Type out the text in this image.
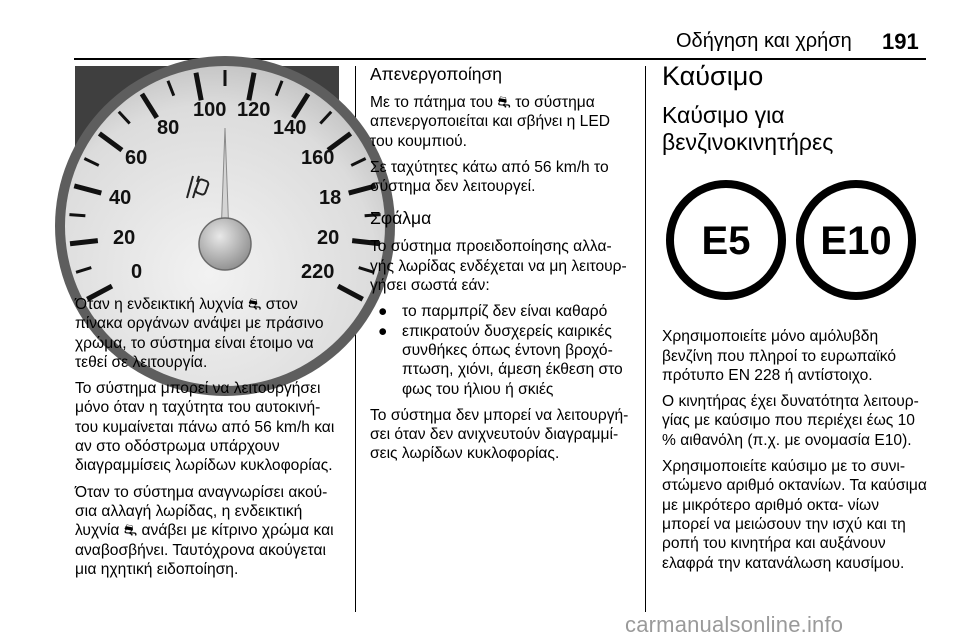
Οδήγηση και χρήση 191
0
20
40
60
80
100 120
140
160
18
20
220

Όταν η ενδεικτική λυχνία ⛐ στον πίνακα οργάνων ανάψει με πράσινο χρώμα, το σύστημα είναι έτοιμο να τεθεί σε λειτουργία.

Το σύστημα μπορεί να λειτουργήσει μόνο όταν η ταχύτητα του αυτοκινή- του κυμαίνεται πάνω από 56 km/h και αν στο οδόστρωμα υπάρχουν διαγραμμίσεις λωρίδων κυκλοφορίας.

Όταν το σύστημα αναγνωρίσει ακού- σια αλλαγή λωρίδας, η ενδεικτική λυχνία ⛐ ανάβει με κίτρινο χρώμα και αναβοσβήνει. Ταυτόχρονα ακούγεται μια ηχητική ειδοποίηση.

Απενεργοποίηση

Με το πάτημα του ⛐ το σύστημα απενεργοποιείται και σβήνει η LED του κουμπιού.

Σε ταχύτητες κάτω από 56 km/h το σύστημα δεν λειτουργεί.

Σφάλμα

Το σύστημα προειδοποίησης αλλα- γής λωρίδας ενδέχεται να μη λειτουρ- γήσει σωστά εάν:

● το παρμπρίζ δεν είναι καθαρό
● επικρατούν δυσχερείς καιρικές συνθήκες όπως έντονη βροχό- πτωση, χιόνι, άμεση έκθεση στο φως του ήλιου ή σκιές

Το σύστημα δεν μπορεί να λειτουργή- σει όταν δεν ανιχνευτούν διαγραμμί- σεις λωρίδων κυκλοφορίας.

Καύσιμο
Καύσιμο για βενζινοκινητήρες
E5 E10

Χρησιμοποιείτε μόνο αμόλυβδη βενζίνη που πληροί το ευρωπαϊκό πρότυπο EN 228 ή αντίστοιχο.

Ο κινητήρας έχει δυνατότητα λειτουρ- γίας με καύσιμο που περιέχει έως 10 % αιθανόλη (π.χ. με ονομασία E10).

Χρησιμοποιείτε καύσιμο με το συνι- στώμενο αριθμό οκτανίων. Τα καύσιμα με μικρότερο αριθμό οκτα- νίων μπορεί να μειώσουν την ισχύ και τη ροπή του κινητήρα και αυξάνουν ελαφρά την κατανάλωση καυσίμου.

carmanualsonline.info
